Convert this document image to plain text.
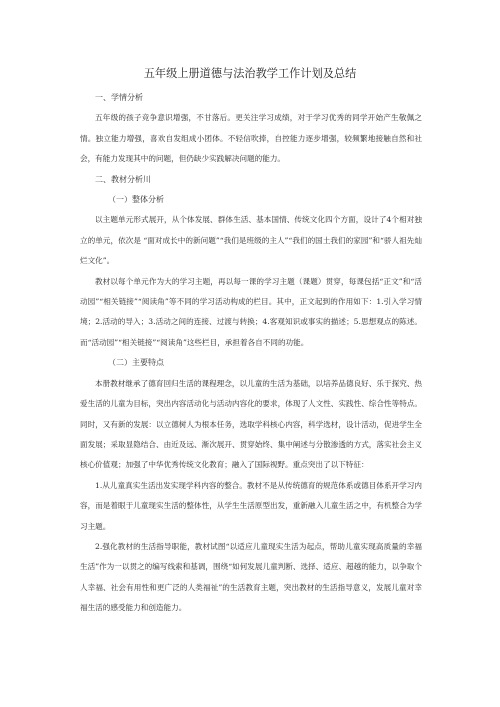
五年级上册道德与法治教学工作计划及总结

一、学情分析

五年级的孩子竞争意识增强，不甘落后。更关注学习成绩，对于学习优秀的同学开始产生敬佩之情。独立能力增强，喜欢自发组成小团体。不轻信吹捧，自控能力逐步增强，较频繁地接触自然和社会，有能力发现其中的问题，但仍缺少实践解决问题的能力。

二、教材分析川

（一）整体分析

以主题单元形式展开，从个体发展、群体生活、基本国情、传统文化四个方面，设计了4个相对独立的单元，依次是 “面对成长中的新问题”“我们是班级的主人”“我们的国土我们的家园”和“骄人祖先灿烂文化”。

教材以每个单元作为大的学习主题，再以每一课的学习主题（课题）贯穿，每课包括“正文”和“活动园”“相关链接”“阅读角”等不同的学习活动构成的栏目。其中，正文起到的作用如下：1.引入学习情境；2.活动的导入；3.活动之间的连接、过渡与转换；4.客观知识或事实的描述；5.思想观点的陈述。而“活动园”“相关链接”“阅读角”这些栏目，承担着各自不同的功能。

（二）主要特点

本册教材继承了德育回归生活的课程理念，以儿童的生活为基础，以培养品德良好、乐于探究、热爱生活的儿童为目标，突出内容活动化与活动内容化的要求，体现了人文性、实践性、综合性等特点。同时，又有新的发展：以立德树人为根本任务，选取学科核心内容，科学选材，设计活动，促进学生全面发展；采取显隐结合、由近及远、渐次展开、贯穿始终、集中阐述与分散渗透的方式，落实社会主义核心价值观；加强了中华优秀传统文化教育；融入了国际视野。重点突出了以下特征：

1.从儿童真实生活出发实现学科内容的整合。教材不是从传统德育的规范体系或德目体系开学习内容，而是着眼于儿童现实生活的整体性，从学生生活原型出发，重新融入儿童生活之中，有机整合为学习主题。

2.强化教材的生活指导职能，教材试图“以适应儿童现实生活为起点，帮助儿童实现高质量的幸福生活”作为一以贯之的编写线索和基调，围绕“如何发展儿童判断、选择、适应、超越的能力，以争取个人幸福、社会有用性和更广泛的人类福祉”的生活教育主题，突出教材的生活指导意义，发展儿童对幸福生活的感受能力和创造能力。
